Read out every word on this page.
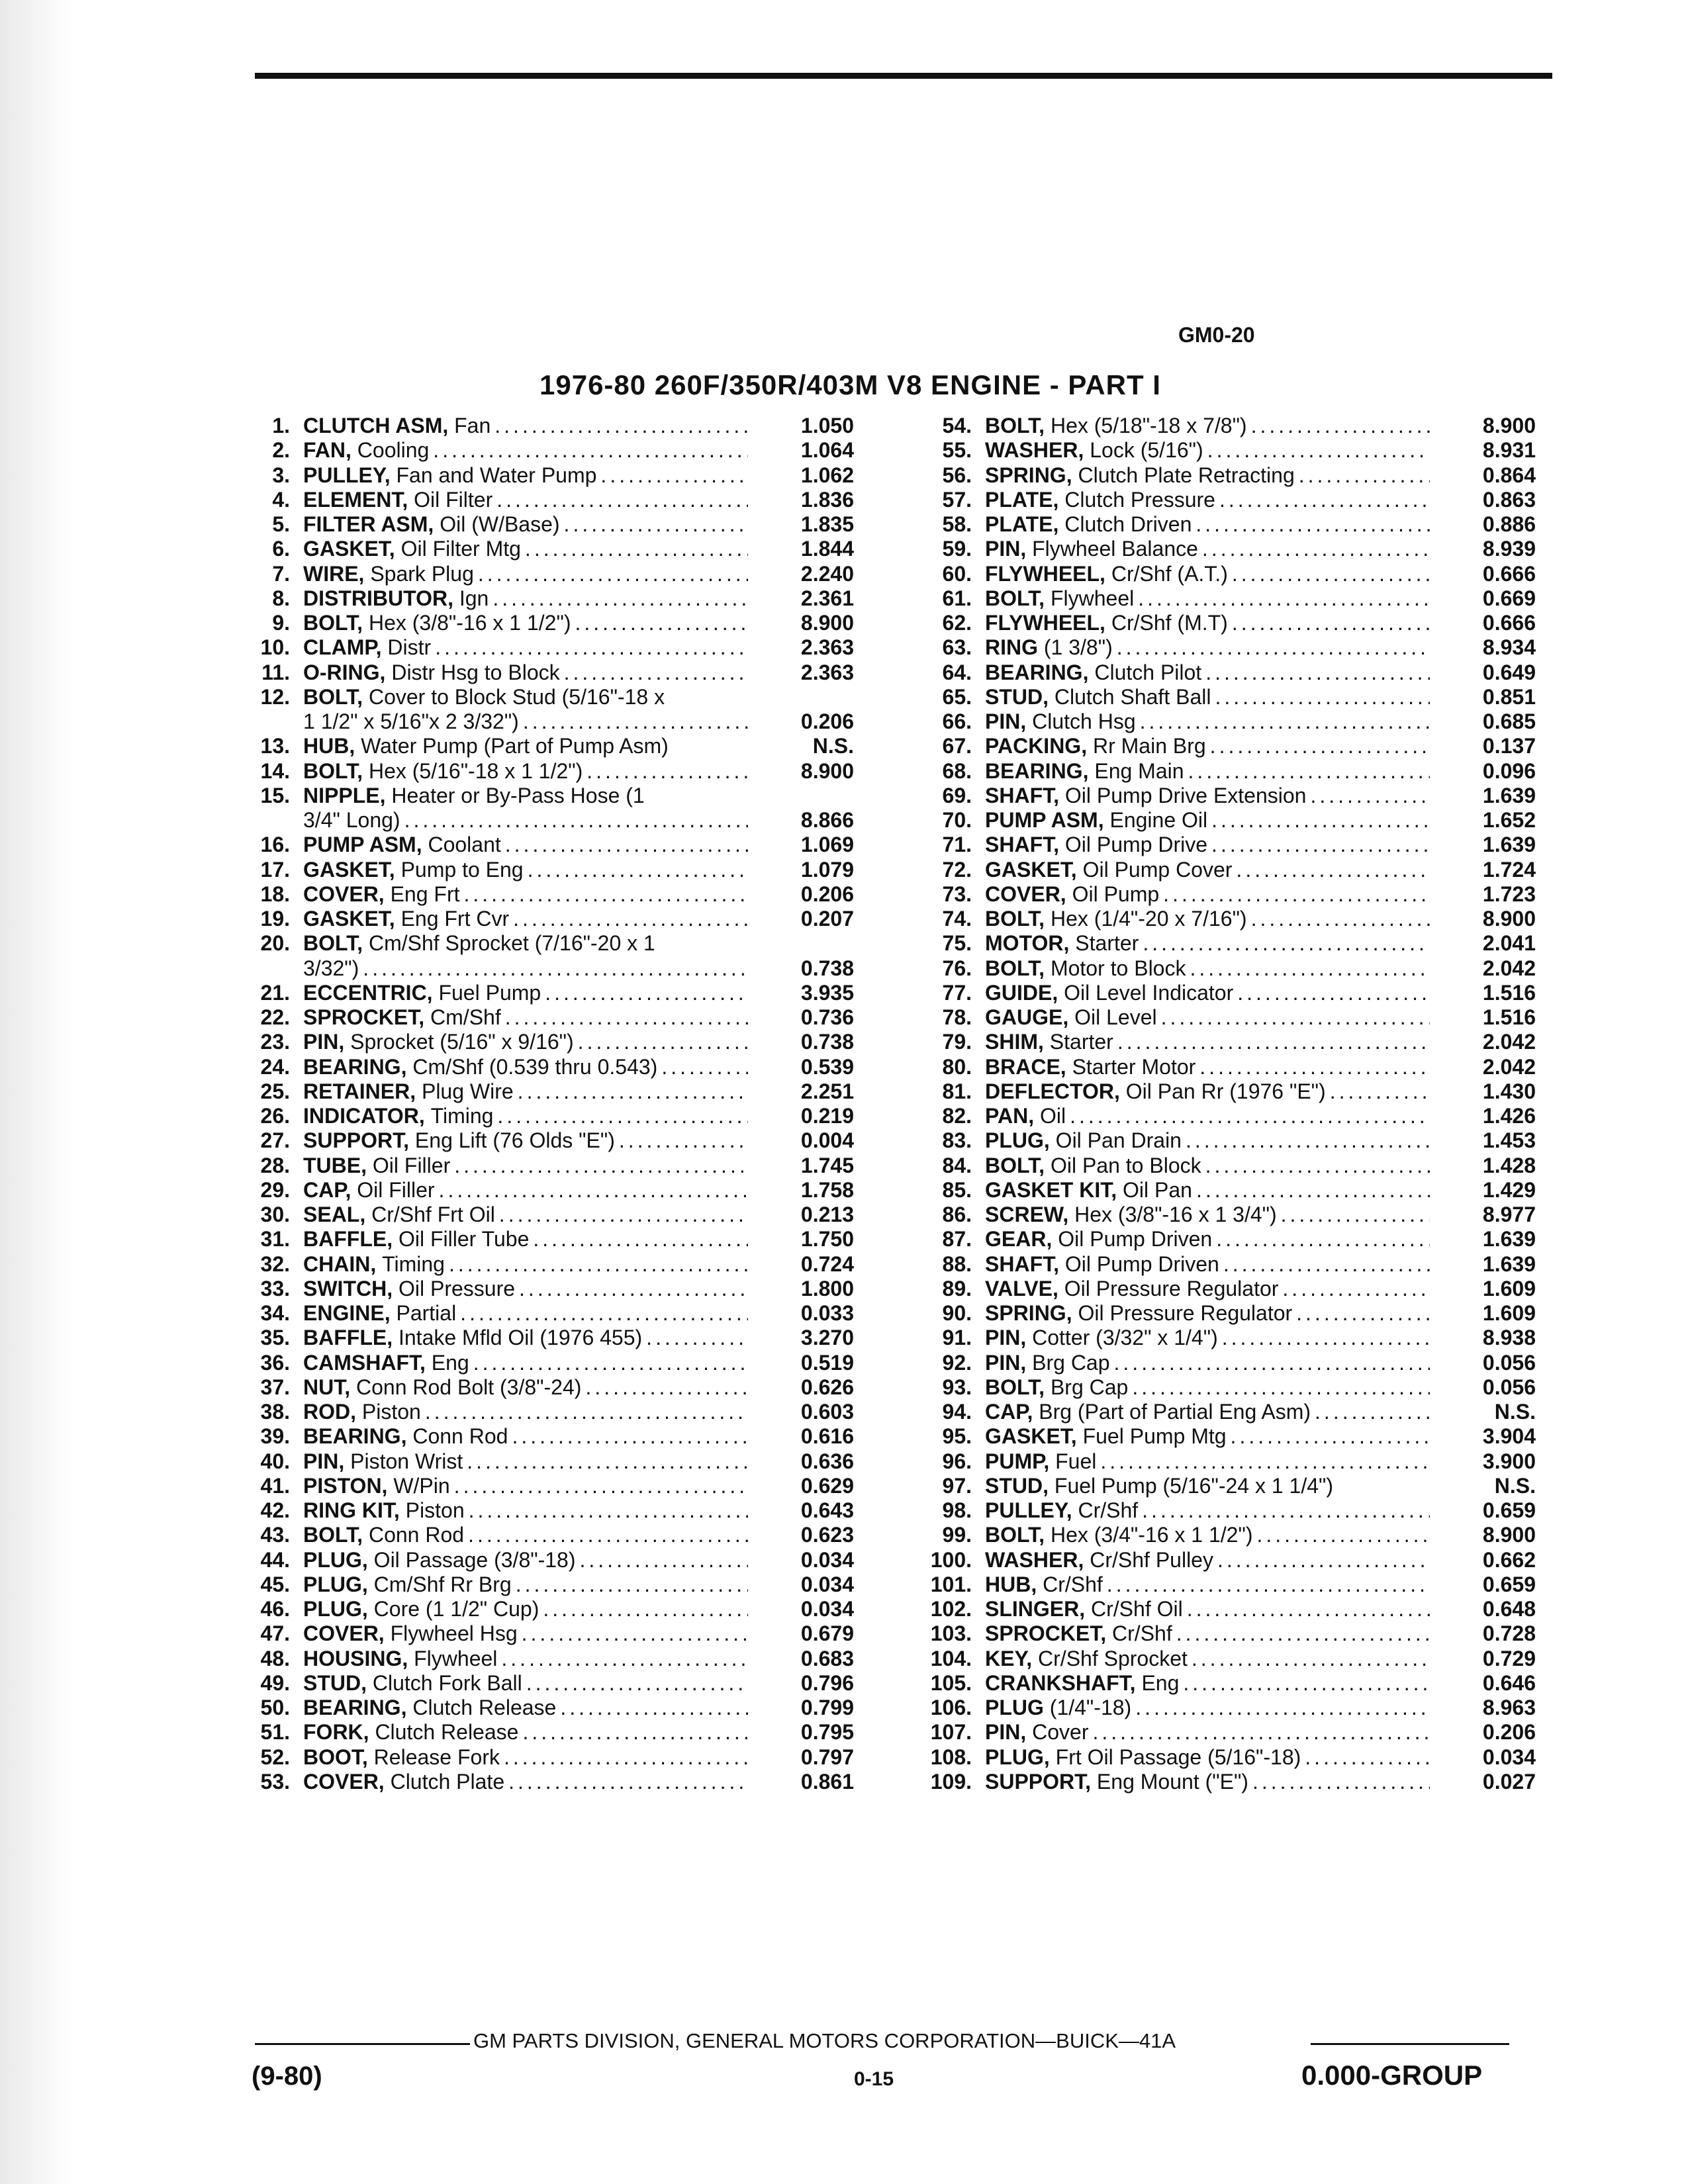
GM0-20
1976-80 260F/350R/403M V8 ENGINE - PART I
1. CLUTCH ASM,
Fan .....	1.050
2. FAN,
Cooling .....	1.064
3. PULLEY,
Fan and Water Pump .....	1.062
4. ELEMENT,
Oil Filter .....	1.836
5. FILTER ASM,
Oil (W/Base) .....	1.835
6. GASKET,
Oil Filter Mtg .....	1.844
7. WIRE,
Spark Plug .....	2.240
8. DISTRIBUTOR,
Ign .....	2.361
9. BOLT,
Hex (3/8"-16 x 1 1/2") .....	8.900
10. CLAMP,
Distr .....	2.363
11. O-RING,
Distr Hsg to Block .....	2.363
12. BOLT,
Cover to Block Stud (5/16"-18 x
1 1/2" x 5/16"x 2 3/32") .....	0.206
13. HUB,
Water Pump (Part of Pump Asm)	N.S.
14. BOLT,
Hex (5/16"-18 x 1 1/2") .....	8.900
15. NIPPLE,
Heater or By-Pass Hose (1
3/4" Long) .....	8.866
16. PUMP ASM,
Coolant .....	1.069
17. GASKET,
Pump to Eng .....	1.079
18. COVER,
Eng Frt .....	0.206
19. GASKET,
Eng Frt Cvr .....	0.207
20. BOLT,
Cm/Shf Sprocket (7/16"-20 x 1
3/32") .....	0.738
21. ECCENTRIC,
Fuel Pump .....	3.935
22. SPROCKET,
Cm/Shf .....	0.736
23. PIN,
Sprocket (5/16" x 9/16") .....	0.738
24. BEARING,
Cm/Shf (0.539 thru 0.543) .....	0.539
25. RETAINER,
Plug Wire .....	2.251
26. INDICATOR,
Timing .....	0.219
27. SUPPORT,
Eng Lift (76 Olds "E") .....	0.004
28. TUBE,
Oil Filler .....	1.745
29. CAP,
Oil Filler .....	1.758
30. SEAL,
Cr/Shf Frt Oil .....	0.213
31. BAFFLE,
Oil Filler Tube .....	1.750
32. CHAIN,
Timing .....	0.724
33. SWITCH,
Oil Pressure .....	1.800
34. ENGINE,
Partial .....	0.033
35. BAFFLE,
Intake Mfld Oil (1976 455) .....	3.270
36. CAMSHAFT,
Eng .....	0.519
37. NUT,
Conn Rod Bolt (3/8"-24) .....	0.626
38. ROD,
Piston .....	0.603
39. BEARING,
Conn Rod .....	0.616
40. PIN,
Piston Wrist .....	0.636
41. PISTON,
W/Pin .....	0.629
42. RING KIT,
Piston .....	0.643
43. BOLT,
Conn Rod .....	0.623
44. PLUG,
Oil Passage (3/8"-18) .....	0.034
45. PLUG,
Cm/Shf Rr Brg .....	0.034
46. PLUG,
Core (1 1/2" Cup) .....	0.034
47. COVER,
Flywheel Hsg .....	0.679
48. HOUSING,
Flywheel .....	0.683
49. STUD,
Clutch Fork Ball .....	0.796
50. BEARING,
Clutch Release .....	0.799
51. FORK,
Clutch Release .....	0.795
52. BOOT,
Release Fork .....	0.797
53. COVER,
Clutch Plate .....	0.861
54. BOLT,
Hex (5/18"-18 x 7/8") .....	8.900
55. WASHER,
Lock (5/16") .....	8.931
56. SPRING,
Clutch Plate Retracting .....	0.864
57. PLATE,
Clutch Pressure .....	0.863
58. PLATE,
Clutch Driven .....	0.886
59. PIN,
Flywheel Balance .....	8.939
60. FLYWHEEL,
Cr/Shf (A.T.) .....	0.666
61. BOLT,
Flywheel .....	0.669
62. FLYWHEEL,
Cr/Shf (M.T) .....	0.666
63. RING
(1 3/8") .....	8.934
64. BEARING,
Clutch Pilot .....	0.649
65. STUD,
Clutch Shaft Ball .....	0.851
66. PIN,
Clutch Hsg .....	0.685
67. PACKING,
Rr Main Brg .....	0.137
68. BEARING,
Eng Main .....	0.096
69. SHAFT,
Oil Pump Drive Extension .....	1.639
70. PUMP ASM,
Engine Oil .....	1.652
71. SHAFT,
Oil Pump Drive .....	1.639
72. GASKET,
Oil Pump Cover .....	1.724
73. COVER,
Oil Pump .....	1.723
74. BOLT,
Hex (1/4"-20 x 7/16") .....	8.900
75. MOTOR,
Starter .....	2.041
76. BOLT,
Motor to Block .....	2.042
77. GUIDE,
Oil Level Indicator .....	1.516
78. GAUGE,
Oil Level .....	1.516
79. SHIM,
Starter .....	2.042
80. BRACE,
Starter Motor .....	2.042
81. DEFLECTOR,
Oil Pan Rr (1976 "E") .....	1.430
82. PAN,
Oil .....	1.426
83. PLUG,
Oil Pan Drain .....	1.453
84. BOLT,
Oil Pan to Block .....	1.428
85. GASKET KIT,
Oil Pan .....	1.429
86. SCREW,
Hex (3/8"-16 x 1 3/4") .....	8.977
87. GEAR,
Oil Pump Driven .....	1.639
88. SHAFT,
Oil Pump Driven .....	1.639
89. VALVE,
Oil Pressure Regulator .....	1.609
90. SPRING,
Oil Pressure Regulator .....	1.609
91. PIN,
Cotter (3/32" x 1/4") .....	8.938
92. PIN,
Brg Cap .....	0.056
93. BOLT,
Brg Cap .....	0.056
94. CAP,
Brg (Part of Partial Eng Asm) .....	N.S.
95. GASKET,
Fuel Pump Mtg .....	3.904
96. PUMP,
Fuel .....	3.900
97. STUD,
Fuel Pump (5/16"-24 x 1 1/4")	N.S.
98. PULLEY,
Cr/Shf .....	0.659
99. BOLT,
Hex (3/4"-16 x 1 1/2") .....	8.900
100. WASHER,
Cr/Shf Pulley .....	0.662
101. HUB,
Cr/Shf .....	0.659
102. SLINGER,
Cr/Shf Oil .....	0.648
103. SPROCKET,
Cr/Shf .....	0.728
104. KEY,
Cr/Shf Sprocket .....	0.729
105. CRANKSHAFT,
Eng .....	0.646
106. PLUG
(1/4"-18) .....	8.963
107. PIN,
Cover .....	0.206
108. PLUG,
Frt Oil Passage (5/16"-18) .....	0.034
109. SUPPORT,
Eng Mount ("E") .....	0.027
GM PARTS DIVISION, GENERAL MOTORS CORPORATION—BUICK—41A
(9-80)	0-15	0.000-GROUP
